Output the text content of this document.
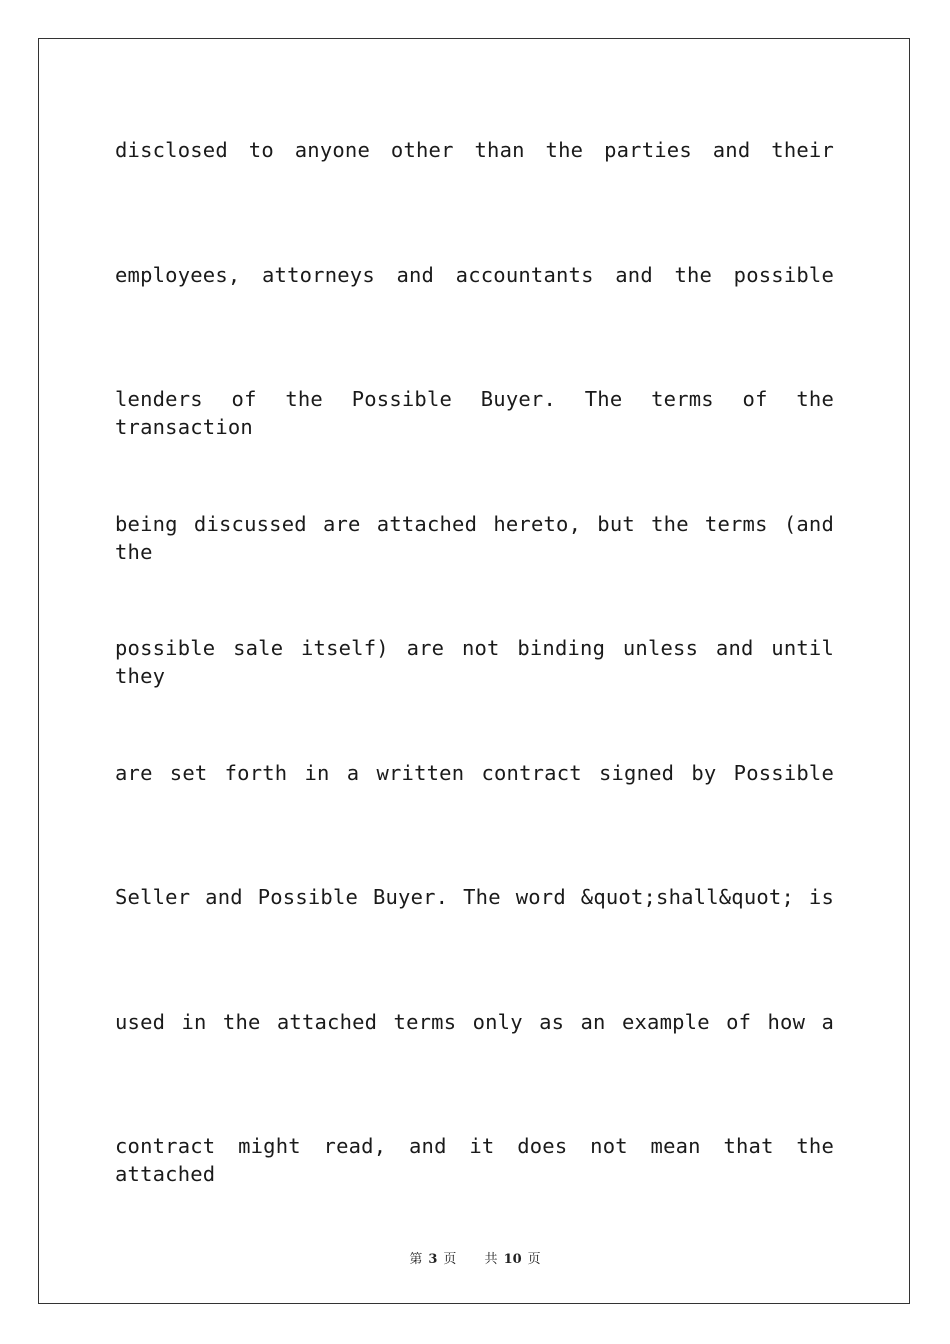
disclosed to anyone other than the parties and their
employees, attorneys and accountants and the possible
lenders of the Possible Buyer. The terms of the transaction
being discussed are attached hereto, but the terms (and the
possible sale itself) are not binding unless and until they
are set forth in a written contract signed by Possible
Seller and Possible Buyer. The word &quot;shall&quot; is
used in the attached terms only as an example of how a
contract might read, and it does not mean that the attached
第 3 页 共 10 页
